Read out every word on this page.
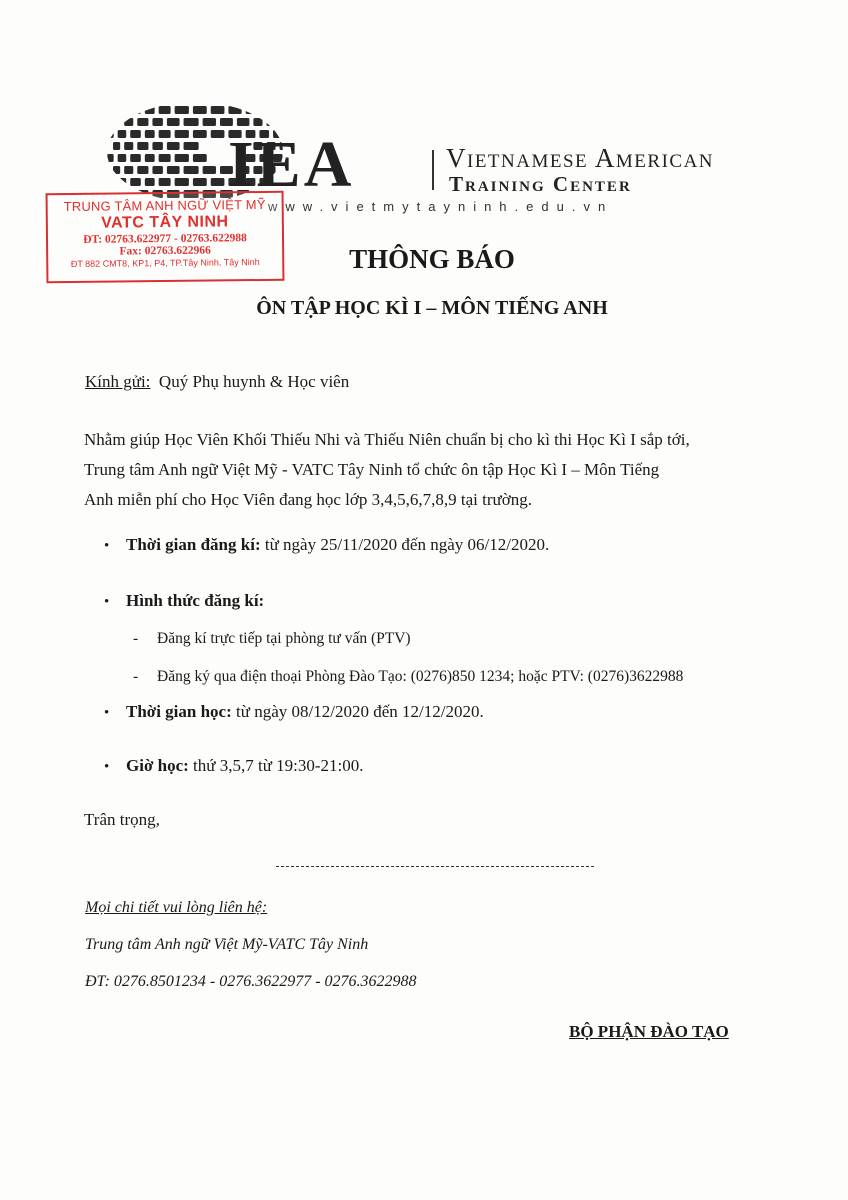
IEA	Vietnamese American
Training Center
www.vietmytayninh.edu.vn
TRUNG TÂM ANH NGỮ VIỆT MỸ
VATC TÂY NINH
ĐT: 02763.622977 - 02763.622988
Fax: 02763.622966
ĐT 882 CMT8, KP1, P4, TP.Tây Ninh, Tây Ninh	THÔNG BÁO
ÔN TẬP HỌC KÌ I – MÔN TIẾNG ANH
Kính gửi: Quý Phụ huynh & Học viên

Nhằm giúp Học Viên Khối Thiếu Nhi và Thiếu Niên chuẩn bị cho kì thi Học Kì I sắp tới,

Trung tâm Anh ngữ Việt Mỹ - VATC Tây Ninh tổ chức ôn tập Học Kì I – Môn Tiếng

Anh miễn phí cho Học Viên đang học lớp 3,4,5,6,7,8,9 tại trường.

• Thời gian đăng kí: từ ngày 25/11/2020 đến ngày 06/12/2020.
• Hình thức đăng kí:
- Đăng kí trực tiếp tại phòng tư vấn (PTV)
- Đăng ký qua điện thoại Phòng Đào Tạo: (0276)850 1234; hoặc PTV: (0276)3622988
• Thời gian học: từ ngày 08/12/2020 đến 12/12/2020.
• Giờ học: thứ 3,5,7 từ 19:30-21:00.
Trân trọng,
Mọi chi tiết vui lòng liên hệ:
Trung tâm Anh ngữ Việt Mỹ-VATC Tây Ninh
ĐT: 0276.8501234 - 0276.3622977 - 0276.3622988
BỘ PHẬN ĐÀO TẠO
